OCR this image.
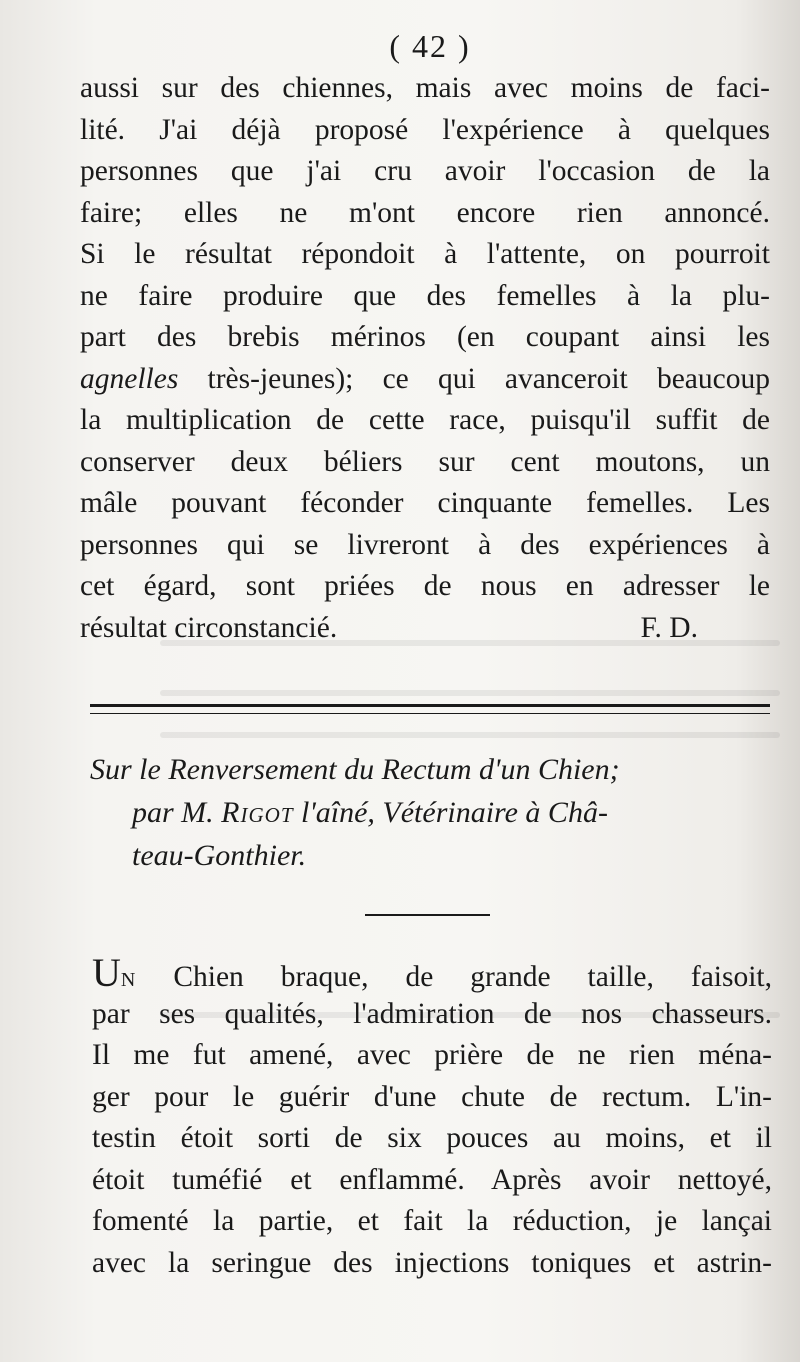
( 42 )
aussi sur des chiennes, mais avec moins de faci-
lité. J'ai déjà proposé l'expérience à quelques
personnes que j'ai cru avoir l'occasion de la
faire; elles ne m'ont encore rien annoncé.
Si le résultat répondoit à l'attente, on pourroit
ne faire produire que des femelles à la plu-
part des brebis mérinos (en coupant ainsi les
agnelles très-jeunes); ce qui avanceroit beaucoup
la multiplication de cette race, puisqu'il suffit de
conserver deux béliers sur cent moutons, un
mâle pouvant féconder cinquante femelles. Les
personnes qui se livreront à des expériences à
cet égard, sont priées de nous en adresser le
résultat circonstancié.	F. D.
Sur le Renversement du Rectum d'un Chien;
par M. Rigot l'aîné, Vétérinaire à Châ-
teau-Gonthier.
UN Chien braque, de grande taille, faisoit,
par ses qualités, l'admiration de nos chasseurs.
Il me fut amené, avec prière de ne rien ména-
ger pour le guérir d'une chute de rectum. L'in-
testin étoit sorti de six pouces au moins, et il
étoit tuméfié et enflammé. Après avoir nettoyé,
fomenté la partie, et fait la réduction, je lançai
avec la seringue des injections toniques et astrin-
